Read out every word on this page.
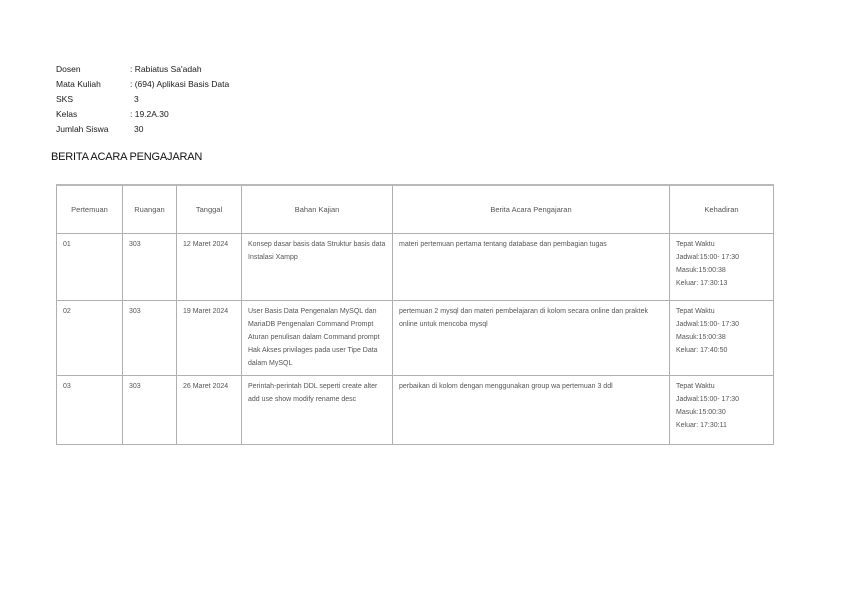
Dosen	: Rabiatus Sa'adah
Mata Kuliah	: (694) Aplikasi Basis Data
SKS	3
Kelas	: 19.2A.30
Jumlah Siswa	30
BERITA ACARA PENGAJARAN
Pertemuan	Ruangan	Tanggal	Bahan Kajian	Berita Acara Pengajaran	Kehadiran
01	303	12 Maret 2024	Konsep dasar basis data Struktur basis data Instalasi Xampp	materi pertemuan pertama tentang database dan pembagian tugas	Tepat Waktu
Jadwal:15:00- 17:30
Masuk:15:00:38
Keluar: 17:30:13

02	303	19 Maret 2024	User Basis Data Pengenalan MySQL dan MariaDB Pengenalan Command Prompt Aturan penulisan dalam Command prompt Hak Akses privilages pada user Tipe Data dalam MySQL	pertemuan 2 mysql dan materi pembelajaran di kolom secara online dan praktek online untuk mencoba mysql	Tepat Waktu
Jadwal:15:00- 17:30
Masuk:15:00:38
Keluar: 17:40:50

03	303	26 Maret 2024	Perintah-perintah DDL seperti create alter add use show modify rename desc	perbaikan di kolom dengan menggunakan group wa pertemuan 3 ddl	Tepat Waktu
Jadwal:15:00- 17:30
Masuk:15:00:30
Keluar: 17:30:11
